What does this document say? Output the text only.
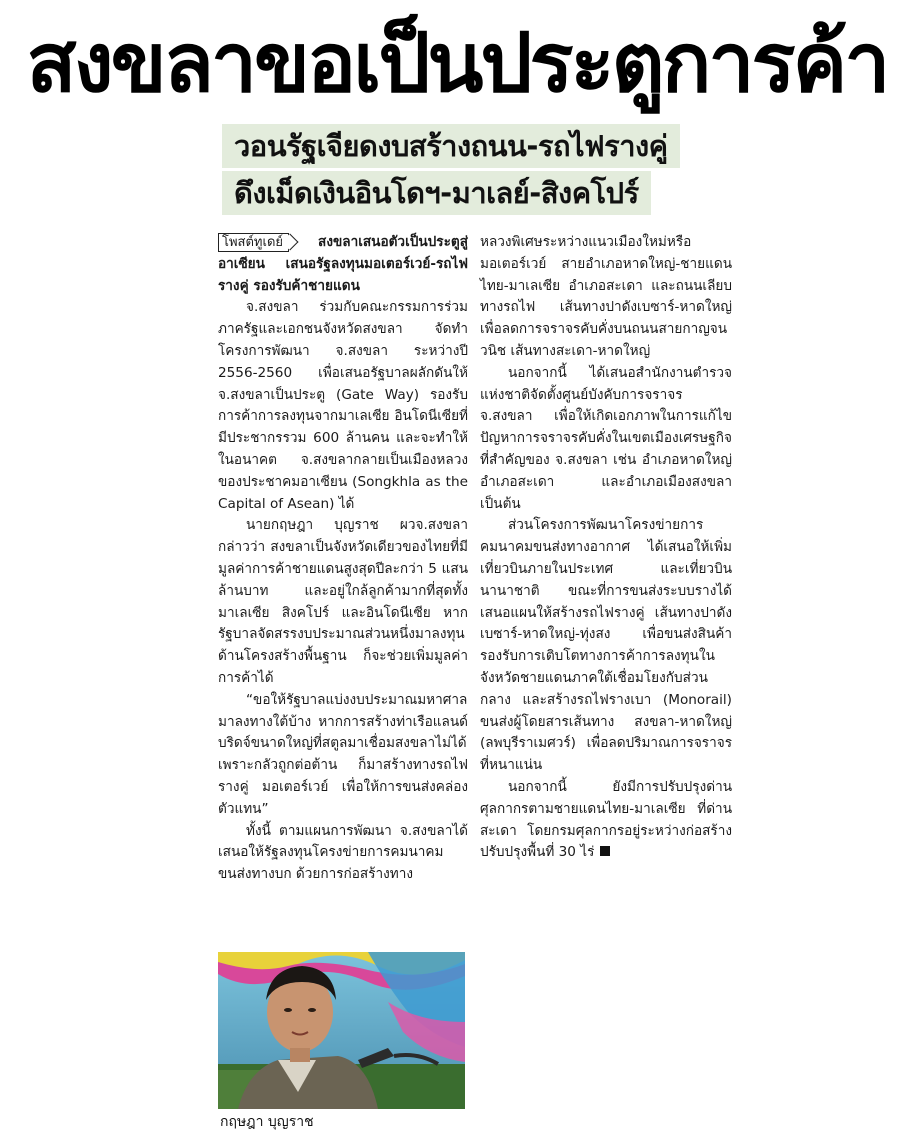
สงขลาขอเป็นประตูการค้า
วอนรัฐเจียดงบสร้างถนน-รถไฟรางคู่
ดึงเม็ดเงินอินโดฯ-มาเลย์-สิงคโปร์

โพสต์ทูเดย์	สงขลาเสนอตัวเป็นประตูสู่อาเซียน เสนอรัฐลงทุนมอเตอร์เวย์-รถไฟรางคู่ รองรับค้าชายแดน

จ.สงขลา ร่วมกับคณะกรรมการร่วมภาครัฐและเอกชนจังหวัดสงขลา จัดทำโครงการพัฒนา จ.สงขลา ระหว่างปี 2556-2560 เพื่อเสนอรัฐบาลผลักดันให้จ.สงขลาเป็นประตู (Gate Way) รองรับการค้าการลงทุนจากมาเลเซีย อินโดนีเซียที่มีประชากรรวม 600 ล้านคน และจะทำให้ในอนาคต จ.สงขลากลายเป็นเมืองหลวงของประชาคมอาเซียน (Songkhla as the Capital of Asean) ได้

นายกฤษฎา บุญราช ผวจ.สงขลา กล่าวว่า สงขลาเป็นจังหวัดเดียวของไทยที่มีมูลค่าการค้าชายแดนสูงสุดปีละกว่า 5 แสนล้านบาท และอยู่ใกล้ลูกค้ามากที่สุดทั้งมาเลเซีย สิงคโปร์ และอินโดนีเซีย หากรัฐบาลจัดสรรงบประมาณส่วนหนึ่งมาลงทุนด้านโครงสร้างพื้นฐาน ก็จะช่วยเพิ่มมูลค่าการค้าได้

“ขอให้รัฐบาลแบ่งงบประมาณมหาศาลมาลงทางใต้บ้าง หากการสร้างท่าเรือแลนด์บริดจ์ขนาดใหญ่ที่สตูลมาเชื่อมสงขลาไม่ได้ เพราะกลัวถูกต่อต้าน ก็มาสร้างทางรถไฟรางคู่ มอเตอร์เวย์ เพื่อให้การขนส่งคล่องตัวแทน”

ทั้งนี้ ตามแผนการพัฒนา จ.สงขลาได้เสนอให้รัฐลงทุนโครงข่ายการคมนาคมขนส่งทางบก ด้วยการก่อสร้างทาง

หลวงพิเศษระหว่างแนวเมืองใหม่หรือมอเตอร์เวย์ สายอำเภอหาดใหญ่-ชายแดนไทย-มาเลเซีย อำเภอสะเดา และถนนเลียบทางรถไฟ เส้นทางปาดังเบซาร์-หาดใหญ่ เพื่อลดการจราจรคับคั่งบนถนนสายกาญจนวนิช เส้นทางสะเดา-หาดใหญ่

นอกจากนี้ ได้เสนอสำนักงานตำรวจแห่งชาติจัดตั้งศูนย์บังคับการจราจร จ.สงขลา เพื่อให้เกิดเอกภาพในการแก้ไขปัญหาการจราจรคับคั่งในเขตเมืองเศรษฐกิจที่สำคัญของ จ.สงขลา เช่น อำเภอหาดใหญ่ อำเภอสะเดา และอำเภอเมืองสงขลา เป็นต้น

ส่วนโครงการพัฒนาโครงข่ายการคมนาคมขนส่งทางอากาศ ได้เสนอให้เพิ่มเที่ยวบินภายในประเทศ และเที่ยวบินนานาชาติ ขณะที่การขนส่งระบบรางได้เสนอแผนให้สร้างรถไฟรางคู่ เส้นทางปาดังเบซาร์-หาดใหญ่-ทุ่งสง เพื่อขนส่งสินค้ารองรับการเติบโตทางการค้าการลงทุนในจังหวัดชายแดนภาคใต้เชื่อมโยงกับส่วนกลาง และสร้างรถไฟรางเบา (Monorail) ขนส่งผู้โดยสารเส้นทาง สงขลา-หาดใหญ่ (ลพบุรีราเมศวร์) เพื่อลดปริมาณการจราจรที่หนาแน่น

นอกจากนี้ ยังมีการปรับปรุงด่านศุลกากรตามชายแดนไทย-มาเลเซีย ที่ด่านสะเดา โดยกรมศุลกากรอยู่ระหว่างก่อสร้างปรับปรุงพื้นที่ 30 ไร่

กฤษฎา บุญราช
